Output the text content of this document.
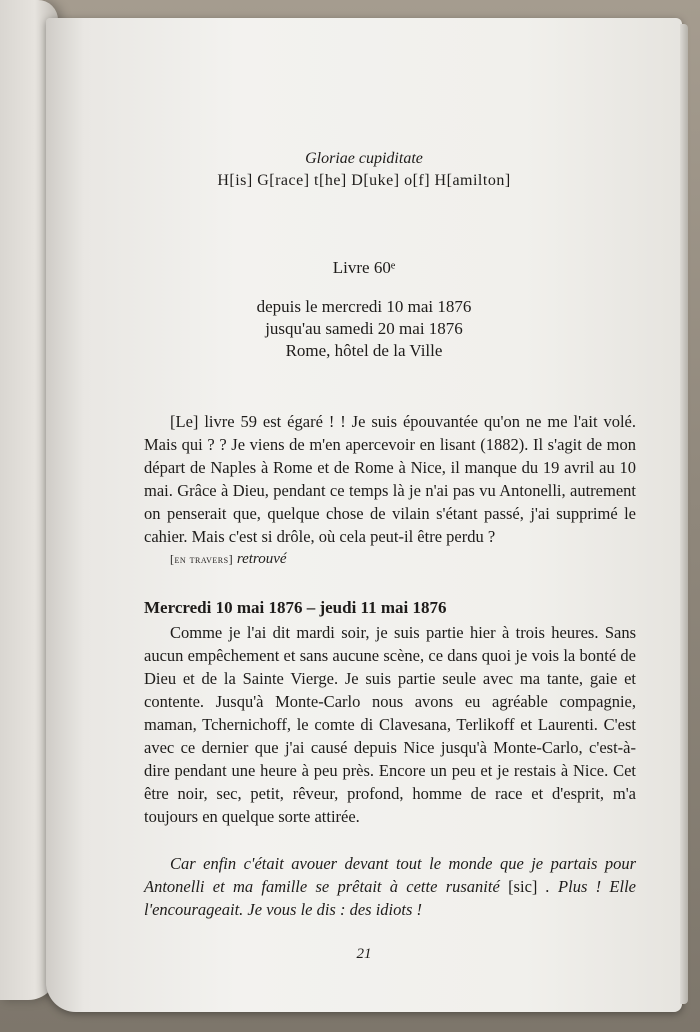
Gloriae cupiditate
H[is] G[race] t[he] D[uke] o[f] H[amilton]
Livre 60ᵉ
depuis le mercredi 10 mai 1876
jusqu'au samedi 20 mai 1876
Rome, hôtel de la Ville

[Le] livre 59 est égaré ! ! Je suis épouvantée qu'on ne me l'ait volé. Mais qui ? ? Je viens de m'en apercevoir en lisant (1882). Il s'agit de mon départ de Naples à Rome et de Rome à Nice, il manque du 19 avril au 10 mai. Grâce à Dieu, pendant ce temps là je n'ai pas vu Antonelli, autrement on penserait que, quelque chose de vilain s'étant passé, j'ai supprimé le cahier. Mais c'est si drôle, où cela peut-il être perdu ?

[en travers] retrouvé

Mercredi 10 mai 1876 – jeudi 11 mai 1876

Comme je l'ai dit mardi soir, je suis partie hier à trois heures. Sans aucun empêchement et sans aucune scène, ce dans quoi je vois la bonté de Dieu et de la Sainte Vierge. Je suis partie seule avec ma tante, gaie et contente. Jusqu'à Monte-Carlo nous avons eu agréable compagnie, maman, Tchernichoff, le comte di Clavesana, Terlikoff et Laurenti. C'est avec ce dernier que j'ai causé depuis Nice jusqu'à Monte-Carlo, c'est-à-dire pendant une heure à peu près. Encore un peu et je restais à Nice. Cet être noir, sec, petit, rêveur, profond, homme de race et d'esprit, m'a toujours en quelque sorte attirée.

Car enfin c'était avouer devant tout le monde que je partais pour Antonelli et ma famille se prêtait à cette rusanité [sic] . Plus ! Elle l'encourageait. Je vous le dis : des idiots !

21
